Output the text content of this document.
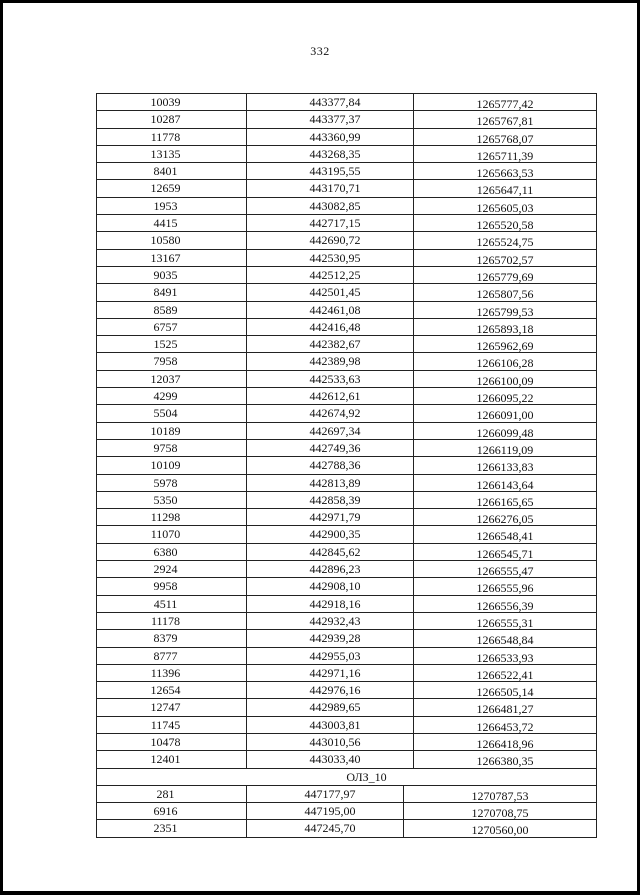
332
10039	443377,84	1265777,42
10287	443377,37	1265767,81
11778	443360,99	1265768,07
13135	443268,35	1265711,39
8401	443195,55	1265663,53
12659	443170,71	1265647,11
1953	443082,85	1265605,03
4415	442717,15	1265520,58
10580	442690,72	1265524,75
13167	442530,95	1265702,57
9035	442512,25	1265779,69
8491	442501,45	1265807,56
8589	442461,08	1265799,53
6757	442416,48	1265893,18
1525	442382,67	1265962,69
7958	442389,98	1266106,28
12037	442533,63	1266100,09
4299	442612,61	1266095,22
5504	442674,92	1266091,00
10189	442697,34	1266099,48
9758	442749,36	1266119,09
10109	442788,36	1266133,83
5978	442813,89	1266143,64
5350	442858,39	1266165,65
11298	442971,79	1266276,05
11070	442900,35	1266548,41
6380	442845,62	1266545,71
2924	442896,23	1266555,47
9958	442908,10	1266555,96
4511	442918,16	1266556,39
11178	442932,43	1266555,31
8379	442939,28	1266548,84
8777	442955,03	1266533,93
11396	442971,16	1266522,41
12654	442976,16	1266505,14
12747	442989,65	1266481,27
11745	443003,81	1266453,72
10478	443010,56	1266418,96
12401	443033,40	1266380,35
ОЛЗ_10
281	447177,97	1270787,53
6916	447195,00	1270708,75
2351	447245,70	1270560,00
